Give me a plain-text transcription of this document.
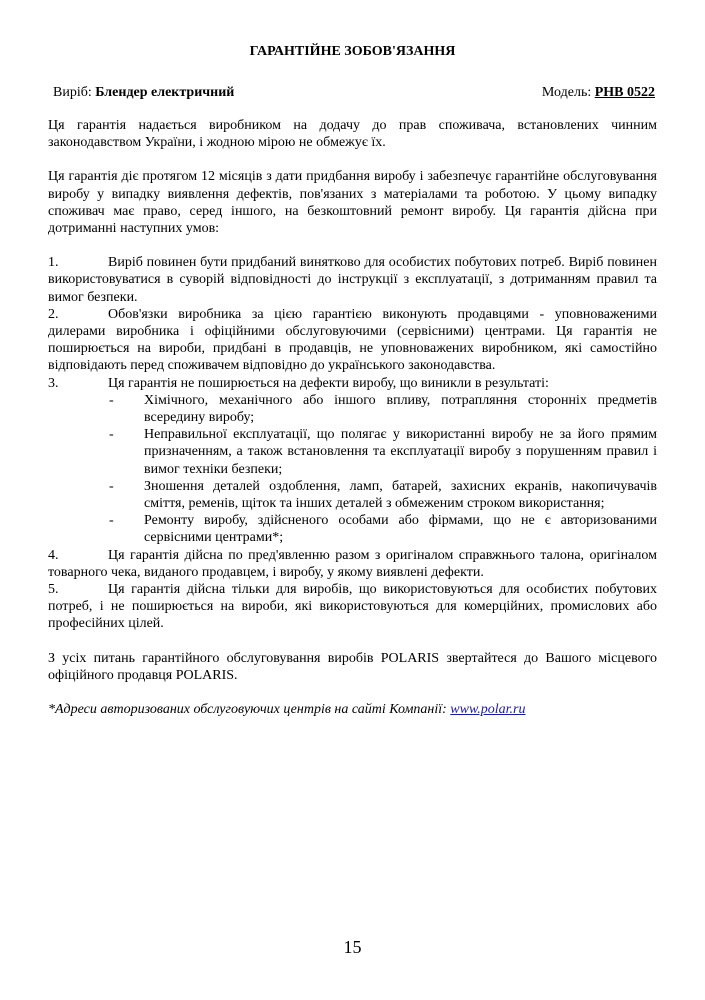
ГАРАНТІЙНЕ ЗОБОВ'ЯЗАННЯ
Виріб: Блендер електричний	Модель: PHB 0522

Ця гарантія надається виробником на додачу до прав споживача, встановлених чинним законодавством України, і жодною мірою не обмежує їх.

Ця гарантія діє протягом 12 місяців з дати придбання виробу і забезпечує гарантійне обслуговування виробу у випадку виявлення дефектів, пов'язаних з матеріалами та роботою. У цьому випадку споживач має право, серед іншого, на безкоштовний ремонт виробу. Ця гарантія дійсна при дотриманні наступних умов:

1.	Виріб повинен бути придбаний винятково для особистих побутових потреб. Виріб повинен використовуватися в суворій відповідності до інструкції з експлуатації, з дотриманням правил та вимог безпеки.
2.	Обов'язки виробника за цією гарантією виконують продавцями - уповноваженими дилерами виробника і офіційними обслуговуючими (сервісними) центрами. Ця гарантія не поширюється на вироби, придбані в продавців, не уповноважених виробником, які самостійно відповідають перед споживачем відповідно до українського законодавства.
3.	Ця гарантія не поширюється на дефекти виробу, що виникли в результаті:
- Хімічного, механічного або іншого впливу, потрапляння сторонніх предметів всередину виробу;
- Неправильної експлуатації, що полягає у використанні виробу не за його прямим призначенням, а також встановлення та експлуатації виробу з порушенням правил і вимог техніки безпеки;
- Зношення деталей оздоблення, ламп, батарей, захисних екранів, накопичувачів сміття, ременів, щіток та інших деталей з обмеженим строком використання;
- Ремонту виробу, здійсненого особами або фірмами, що не є авторизованими сервісними центрами*;
4.	Ця гарантія дійсна по пред'явленню разом з оригіналом справжнього талона, оригіналом товарного чека, виданого продавцем, і виробу, у якому виявлені дефекти.
5.	Ця гарантія дійсна тільки для виробів, що використовуються для особистих побутових потреб, і не поширюється на вироби, які використовуються для комерційних, промислових або професійних цілей.

З усіх питань гарантійного обслуговування виробів POLARIS звертайтеся до Вашого місцевого офіційного продавця POLARIS.

*Адреси авторизованих обслуговуючих центрів на сайті Компанії: www.polar.ru

15
